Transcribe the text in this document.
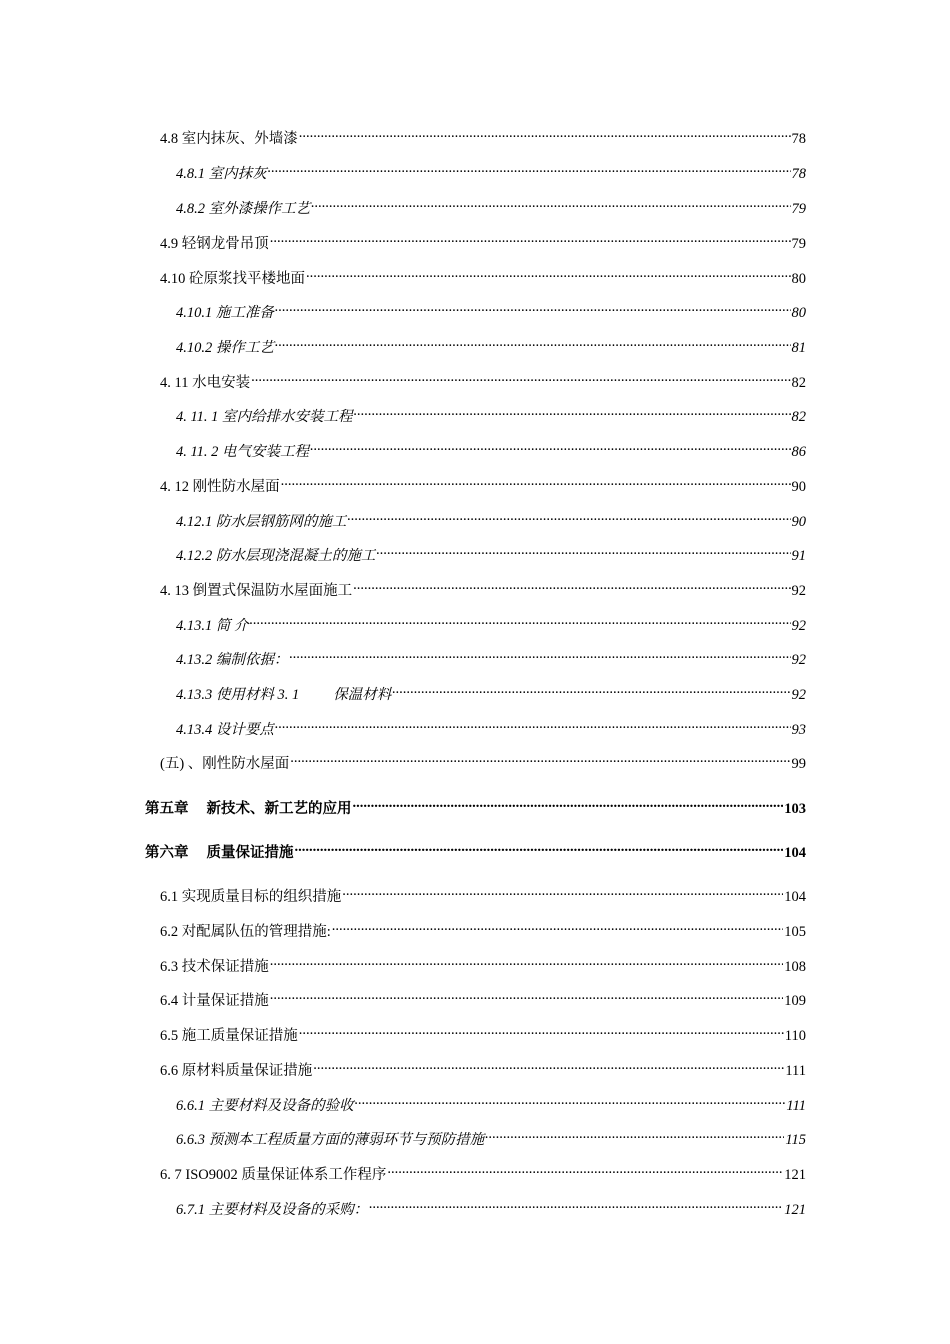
4.8 室内抹灰、外墙漆 .....	78
4.8.1 室内抹灰 .....	78
4.8.2 室外漆操作工艺 .....	79
4.9 轻钢龙骨吊顶 .....	79
4.10 砼原浆找平楼地面 .....	80
4.10.1 施工准备 .....	80
4.10.2 操作工艺 .....	81
4. 11 水电安装 .....	82
4. 11. 1 室内给排水安装工程 .....	82
4. 11. 2 电气安装工程 .....	86
4. 12 刚性防水屋面 .....	90
4.12.1 防水层钢筋网的施工 .....	90
4.12.2 防水层现浇混凝土的施工 .....	91
4. 13 倒置式保温防水屋面施工 .....	92
4.13.1 简 介 .....	92
4.13.2 编制依据： .....	92
4.13.3 使用材料 3. 1 保温材料 .....	92
4.13.4 设计要点 .....	93
(五) 、刚性防水屋面 .....	99
第五章 新技术、新工艺的应用 .....	103
第六章 质量保证措施 .....	104
6.1 实现质量目标的组织措施 .....	104
6.2 对配属队伍的管理措施: .....	105
6.3 技术保证措施 .....	108
6.4 计量保证措施 .....	109
6.5 施工质量保证措施 .....	110
6.6 原材料质量保证措施 .....	111
6.6.1 主要材料及设备的验收 .....	111
6.6.3 预测本工程质量方面的薄弱环节与预防措施 .....	115
6. 7 ISO9002 质量保证体系工作程序 .....	121
6.7.1 主要材料及设备的采购： .....	121
